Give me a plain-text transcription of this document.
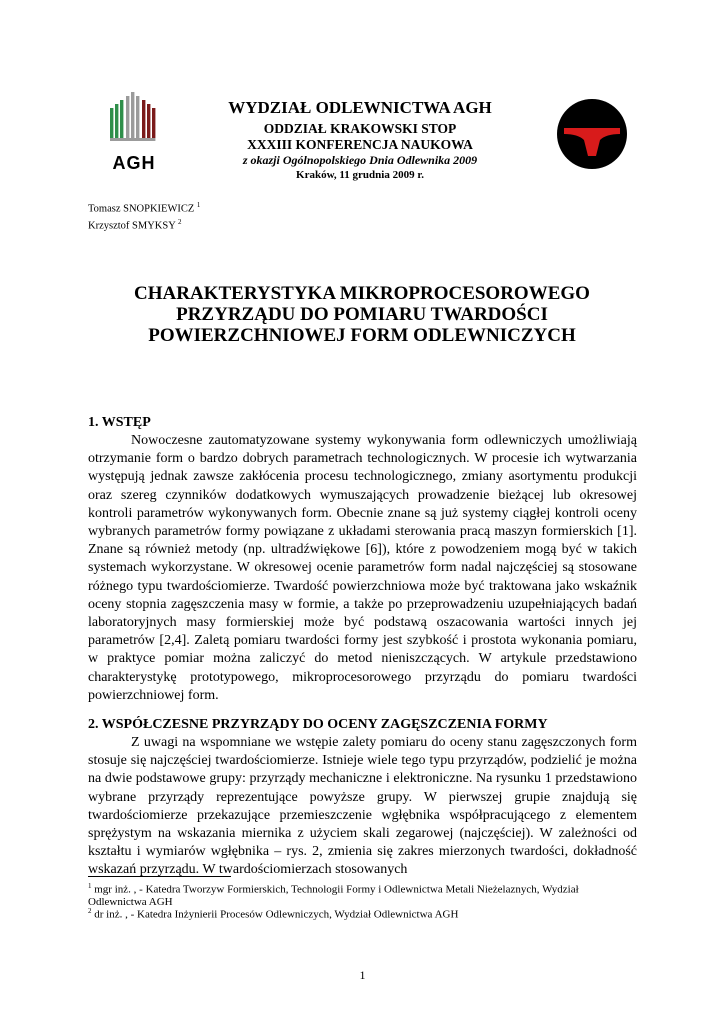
AGH
WYDZIAŁ ODLEWNICTWA AGH
ODDZIAŁ KRAKOWSKI STOP
XXXIII KONFERENCJA NAUKOWA
z okazji Ogólnopolskiego Dnia Odlewnika 2009
Kraków, 11 grudnia 2009 r.
Tomasz SNOPKIEWICZ $^1$
Krzysztof SMYKSY $^2$
CHARAKTERYSTYKA MIKROPROCESOROWEGO
PRZYRZĄDU DO POMIARU TWARDOŚCI
POWIERZCHNIOWEJ FORM ODLEWNICZYCH
1. WSTĘP
Nowoczesne zautomatyzowane systemy wykonywania form odlewniczych umożliwiają otrzymanie form o bardzo dobrych parametrach technologicznych. W procesie ich wytwarzania występują jednak zawsze zakłócenia procesu technologicznego, zmiany asortymentu produkcji oraz szereg czynników dodatkowych wymuszających prowadzenie bieżącej lub okresowej kontroli parametrów wykonywanych form. Obecnie znane są już systemy ciągłej kontroli oceny wybranych parametrów formy powiązane z układami sterowania pracą maszyn formierskich [1]. Znane są również metody (np. ultradźwiękowe [6]), które z powodzeniem mogą być w takich systemach wykorzystane. W okresowej ocenie parametrów form nadal najczęściej są stosowane różnego typu twardościomierze. Twardość powierzchniowa może być traktowana jako wskaźnik oceny stopnia zagęszczenia masy w formie, a także po przeprowadzeniu uzupełniających badań laboratoryjnych masy formierskiej może być podstawą oszacowania wartości innych jej parametrów [2,4]. Zaletą pomiaru twardości formy jest szybkość i prostota wykonania pomiaru, w praktyce pomiar można zaliczyć do metod nieniszczących. W artykule przedstawiono charakterystykę prototypowego, mikroprocesorowego przyrządu do pomiaru twardości powierzchniowej form.
2. WSPÓŁCZESNE PRZYRZĄDY DO OCENY ZAGĘSZCZENIA FORMY
Z uwagi na wspomniane we wstępie zalety pomiaru do oceny stanu zagęszczonych form stosuje się najczęściej twardościomierze. Istnieje wiele tego typu przyrządów, podzielić je można na dwie podstawowe grupy: przyrządy mechaniczne i elektroniczne. Na rysunku 1 przedstawiono wybrane przyrządy reprezentujące powyższe grupy. W pierwszej grupie znajdują się twardościomierze przekazujące przemieszczenie wgłębnika współpracującego z elementem sprężystym na wskazania miernika z użyciem skali zegarowej (najczęściej). W zależności od kształtu i wymiarów wgłębnika – rys. 2, zmienia się zakres mierzonych twardości, dokładność wskazań przyrządu. W twardościomierzach stosowanych
$^1$ mgr inż. , - Katedra Tworzyw Formierskich, Technologii Formy i Odlewnictwa Metali Nieżelaznych, Wydział Odlewnictwa AGH
$^2$ dr inż. , - Katedra Inżynierii Procesów Odlewniczych, Wydział Odlewnictwa AGH
1
